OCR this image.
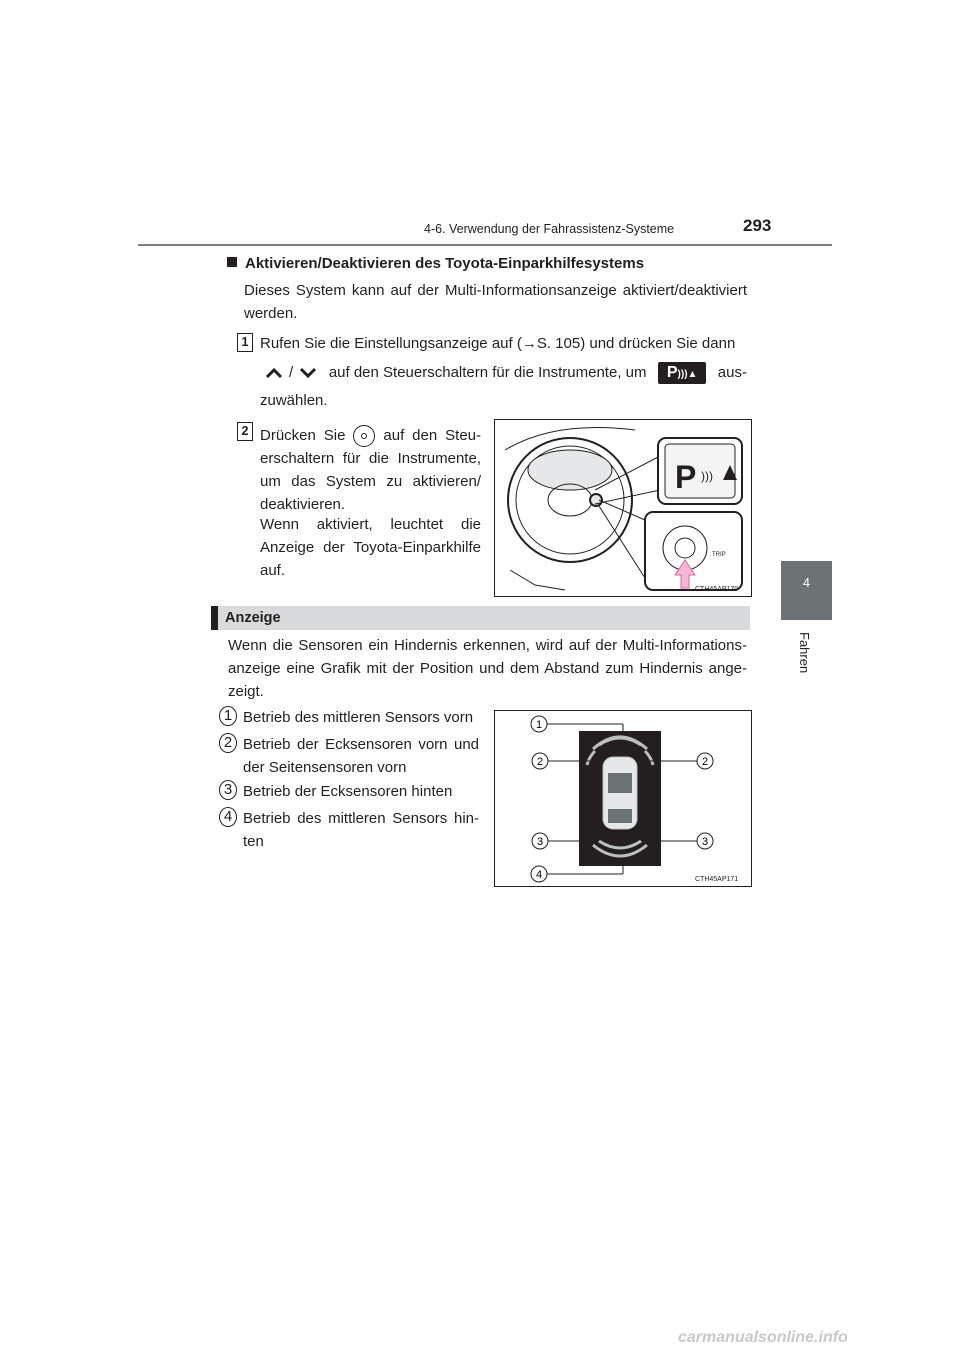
4-6. Verwendung der Fahrassistenz-Systeme	293
4
Fahren
Aktivieren/Deaktivieren des Toyota-Einparkhilfesystems
Dieses System kann auf der Multi-Informationsanzeige aktiviert/deaktiviert werden.
1 Rufen Sie die Einstellungsanzeige auf (→S. 105) und drücken Sie dann
/ auf den Steuerschaltern für die Instrumente, um	P)))▲	aus-
zuwählen.
2 Drücken Sie	auf den Steu-erschaltern für die Instrumente, um das System zu aktivieren/ deaktivieren.
Wenn aktiviert, leuchtet die Anzeige der Toyota-Einparkhilfe auf.
P )))
TRIP
CTH45AP170
Anzeige
Wenn die Sensoren ein Hindernis erkennen, wird auf der Multi-Informations-anzeige eine Grafik mit der Position und dem Abstand zum Hindernis ange-zeigt.
1 Betrieb des mittleren Sensors vorn
2 Betrieb der Ecksensoren vorn und der Seitensensoren vorn
3 Betrieb der Ecksensoren hinten
4 Betrieb des mittleren Sensors hin-ten
1
2	2
3	3
4	CTH45AP171
carmanualsonline.info
